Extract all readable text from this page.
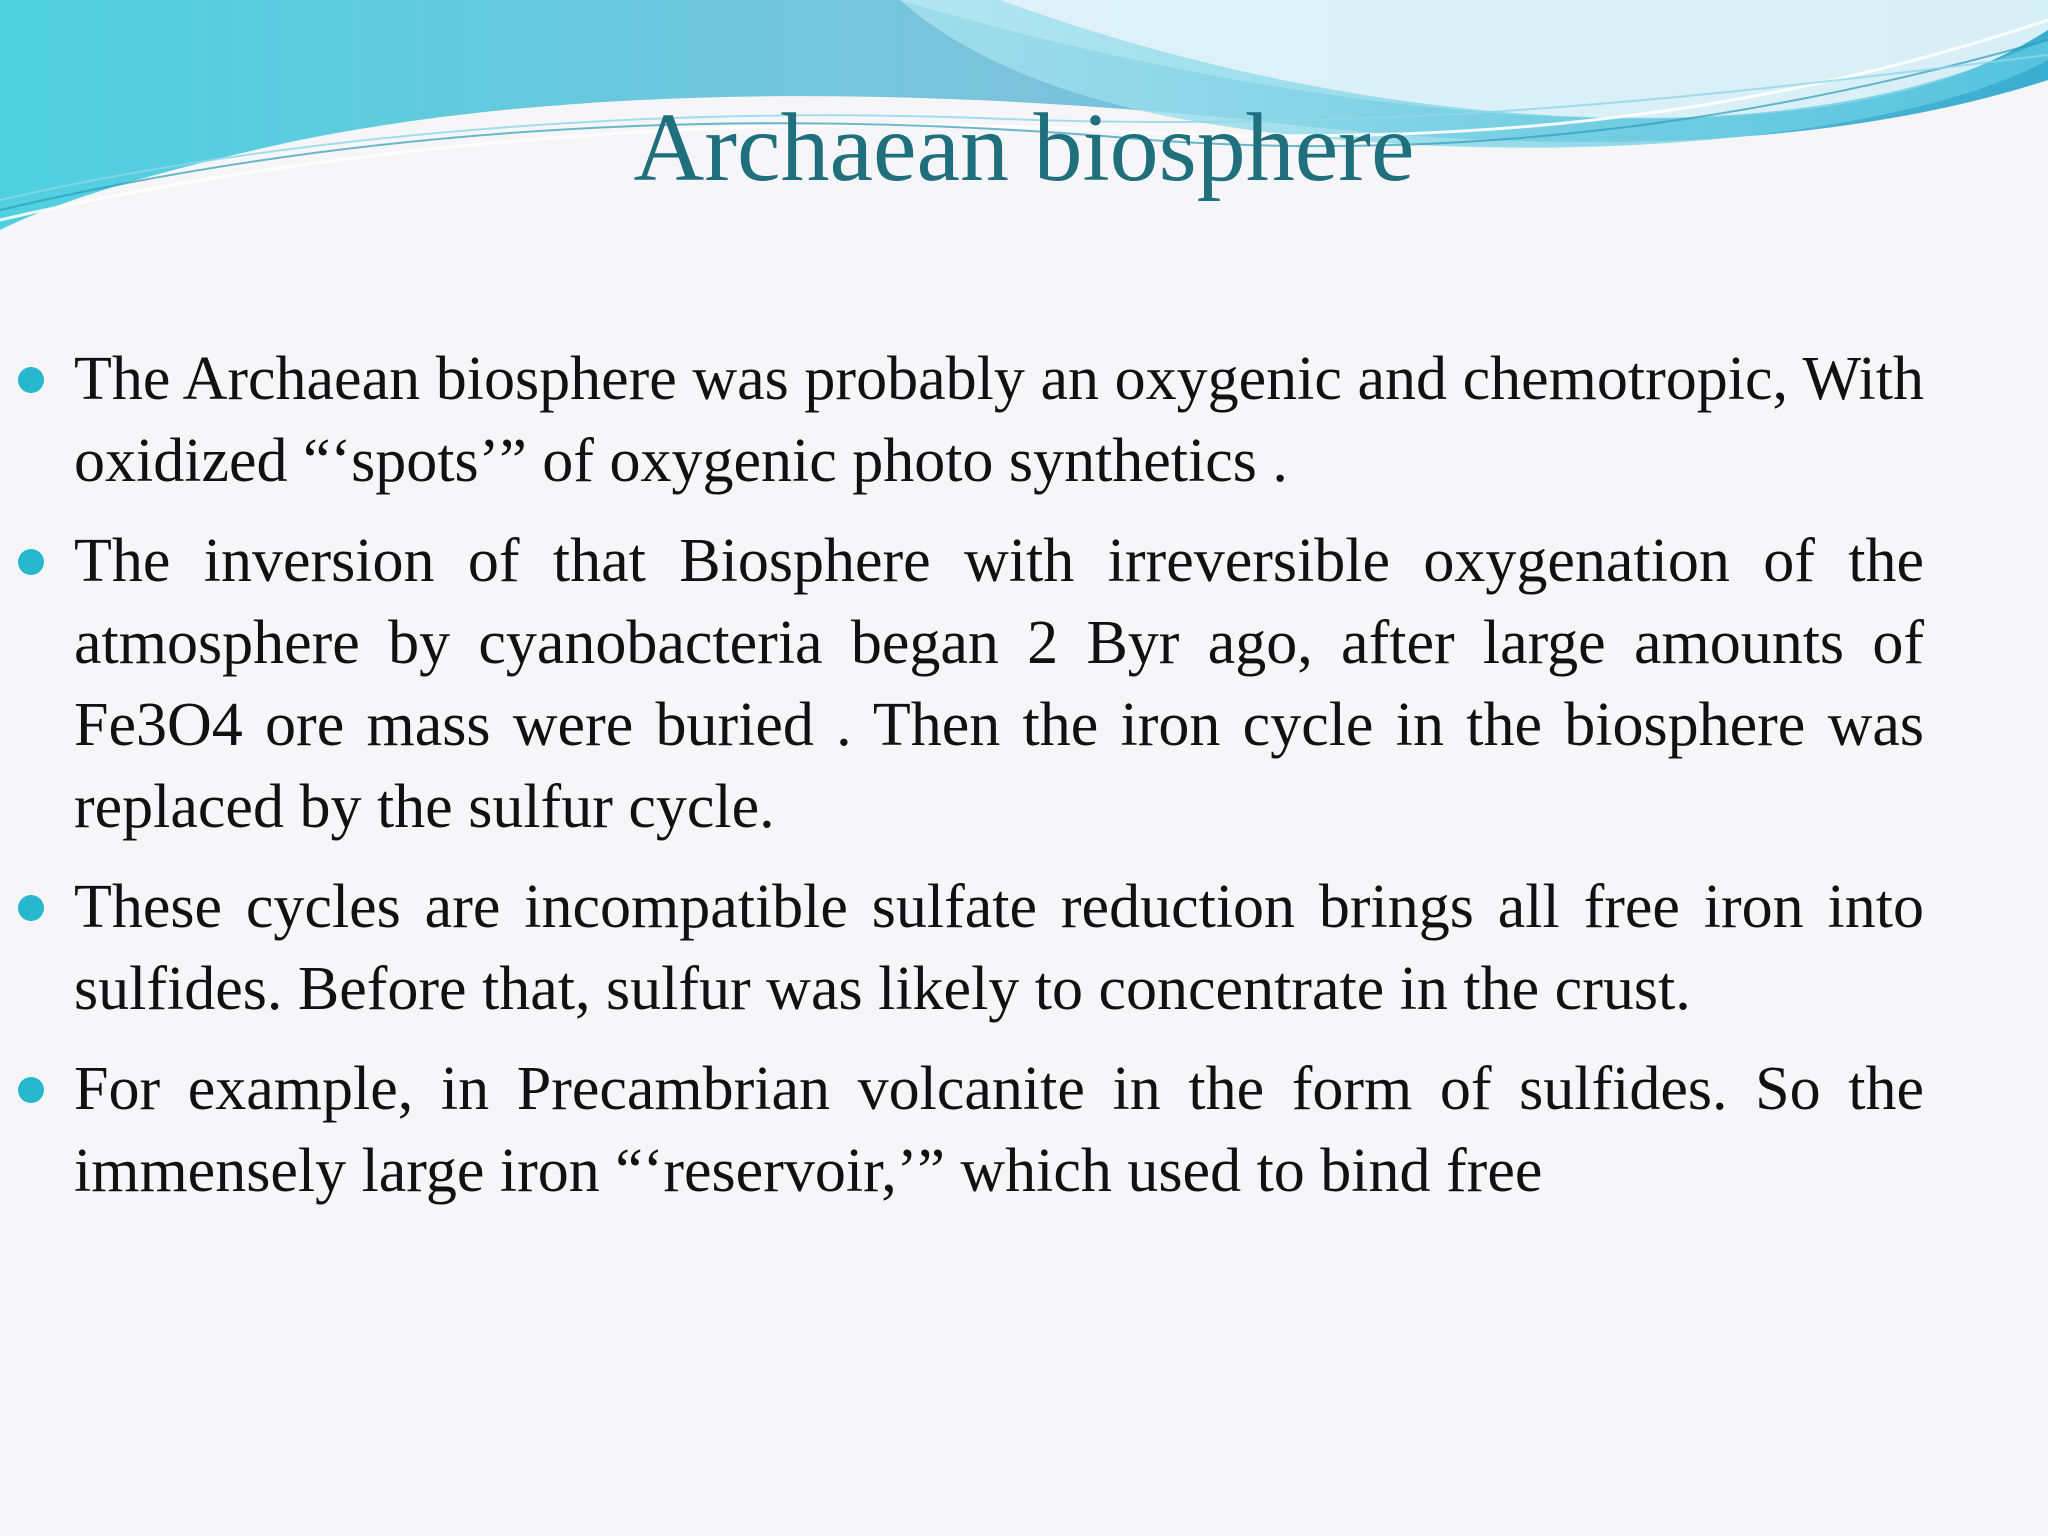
Archaean biosphere
The Archaean biosphere was probably an oxygenic and chemotropic, With oxidized “‘spots’” of oxygenic photo synthetics .
The inversion of that Biosphere with irreversible oxygenation of the atmosphere by cyanobacteria began 2 Byr ago, after large amounts of Fe3O4 ore mass were buried . Then the iron cycle in the biosphere was replaced by the sulfur cycle.
These cycles are incompatible sulfate reduction brings all free iron into sulfides. Before that, sulfur was likely to concentrate in the crust.
For example, in Precambrian volcanite in the form of sulfides. So the immensely large iron “‘reservoir,’” which used to bind free
